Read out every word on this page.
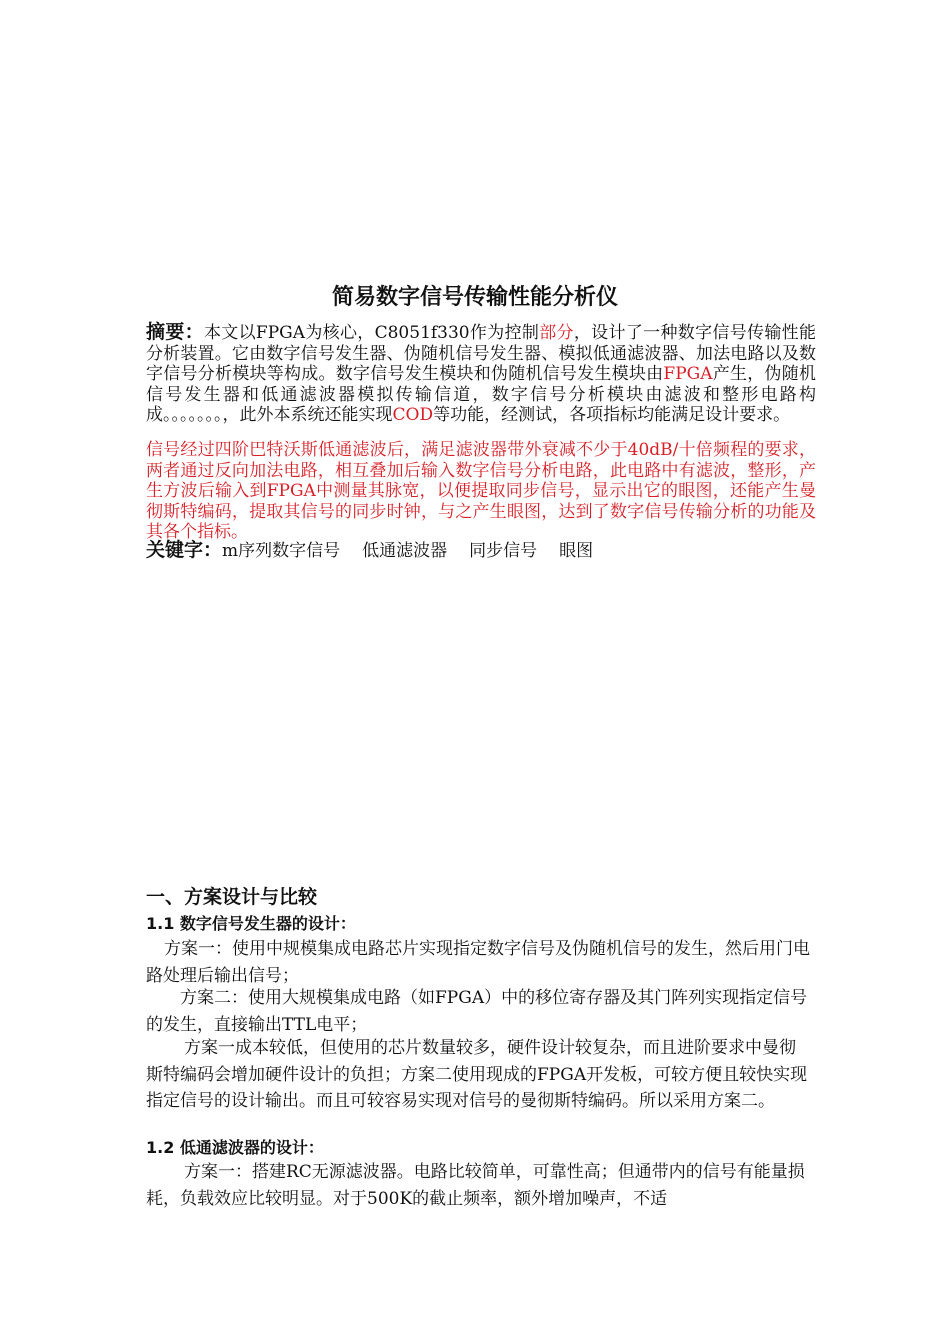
简易数字信号传输性能分析仪
摘要：本文以FPGA为核心，C8051f330作为控制部分，设计了一种数字信号传输性能分析装置。它由数字信号发生器、伪随机信号发生器、模拟低通滤波器、加法电路以及数字信号分析模块等构成。数字信号发生模块和伪随机信号发生模块由FPGA产生，伪随机信号发生器和低通滤波器模拟传输信道，数字信号分析模块由滤波和整形电路构成。。。。。。。，此外本系统还能实现COD等功能，经测试，各项指标均能满足设计要求。
信号经过四阶巴特沃斯低通滤波后，满足滤波器带外衰减不少于40dB/十倍频程的要求，两者通过反向加法电路，相互叠加后输入数字信号分析电路，此电路中有滤波，整形，产生方波后输入到FPGA中测量其脉宽，以便提取同步信号，显示出它的眼图，还能产生曼彻斯特编码，提取其信号的同步时钟，与之产生眼图，达到了数字信号传输分析的功能及其各个指标。
关键字：m序列数字信号 低通滤波器 同步信号 眼图
一、方案设计与比较
1.1 数字信号发生器的设计：
方案一：使用中规模集成电路芯片实现指定数字信号及伪随机信号的发生，然后用门电路处理后输出信号；
方案二：使用大规模集成电路（如FPGA）中的移位寄存器及其门阵列实现指定信号的发生，直接输出TTL电平；
方案一成本较低，但使用的芯片数量较多，硬件设计较复杂，而且进阶要求中曼彻斯特编码会增加硬件设计的负担；方案二使用现成的FPGA开发板，可较方便且较快实现指定信号的设计输出。而且可较容易实现对信号的曼彻斯特编码。所以采用方案二。
1.2 低通滤波器的设计：
方案一：搭建RC无源滤波器。电路比较简单，可靠性高；但通带内的信号有能量损耗，负载效应比较明显。对于500K的截止频率，额外增加噪声，不适
